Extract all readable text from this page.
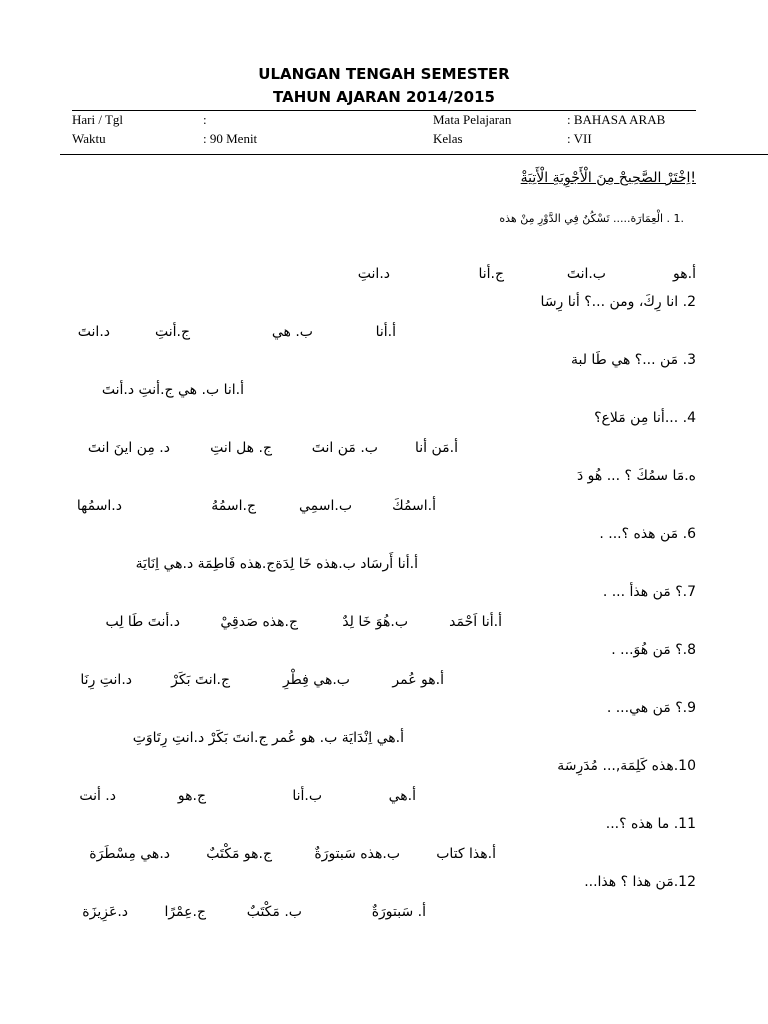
ULANGAN TENGAH SEMESTER
TAHUN AJARAN 2014/2015
Hari / Tgl	:	Mata Pelajaran	: BAHASA ARAB
Waktu	: 90 Menit	Kelas	: VII
!اِخْتَرْ الصَّحِيحْ مِنَ الْأَجْوِبَةِ الْأَتِيَةْ
.1 . الْعِمَارَة..... تَسْكُنُ فِي الدَّوْرِ مِنْ هذه
أ.هو
ب.انتَ
ج.أنا
د.انتِ
2. انا رِكَ، ومن ...؟ أنا رِسَا
أ.أنا
ب. هي
ج.أنتِ
د.انتَ
3. مَن ...؟ هي طَا لبة
أ.انا ب. هي ج.أنتِ د.أنتَ
4. ...أنا مِن مَلاع؟
أ.مَن أنا
ب. مَن انتَ
ج. هل انتِ
د. مِن اينَ انتَ
ه.مَا سمُكَ ؟ ... هُو دَ
أ.اسمُكَ
ب.اسمِي
ج.اسمُهُ
د.اسمُها
6. مَن هذه ؟... .
أ.أنا أَرسَاد ب.هذه خَا لِدَةج.هذه فَاطِمَة د.هي اِنَايَة
7.؟ مَن هذأ ... .
أ.أنا اَحْمَد
ب.هُوَ خَا لِدٌ
ج.هذه صَدقِيْ
د.أنتَ طَا لِب
8.؟ مَن هُوَ... .
أ.هو عُمر
ب.هي فِطْرِ
ج.انتَ بَكَرْ
د.انتِ رِنَا
9.؟ مَن هي... .
أ.هي اِنْدَايَة ب. هو عُمر ج.انتَ بَكَرْ د.انتِ رِتَاوَتِ
10.هذه كَلِمَة,... مُدَرِسَة
أ.هي
ب.أنا
ج.هو
د. أنت
11. ما هذه ؟...
أ.هذا كتاب
ب.هذه سَبتورَةٌ
ج.هو مَكْتَبٌ
د.هي مِسْطَرَة
12.مَن هذا ؟ هذا...
أ. سَبتورَةٌ
ب. مَكْتَبٌ
ج.عِمْرًا
د.عَزِيزَة
